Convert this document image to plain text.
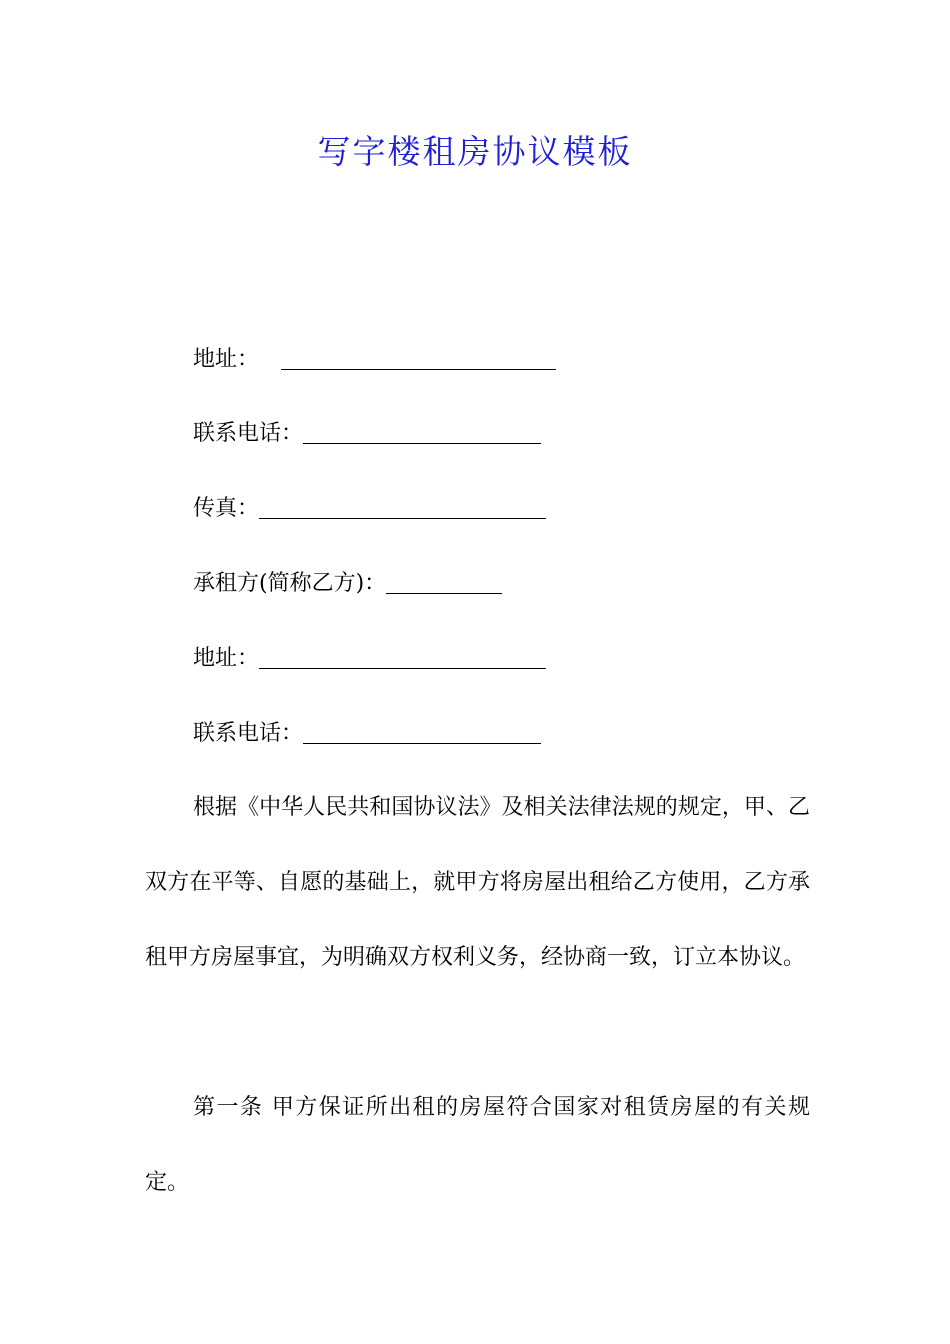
写字楼租房协议模板
地址：
联系电话：
传真：
承租方(简称乙方)：
地址：
联系电话：

根据《中华人民共和国协议法》及相关法律法规的规定，甲、乙双方在平等、自愿的基础上，就甲方将房屋出租给乙方使用，乙方承租甲方房屋事宜，为明确双方权利义务，经协商一致，订立本协议。

第一条 甲方保证所出租的房屋符合国家对租赁房屋的有关规定。
